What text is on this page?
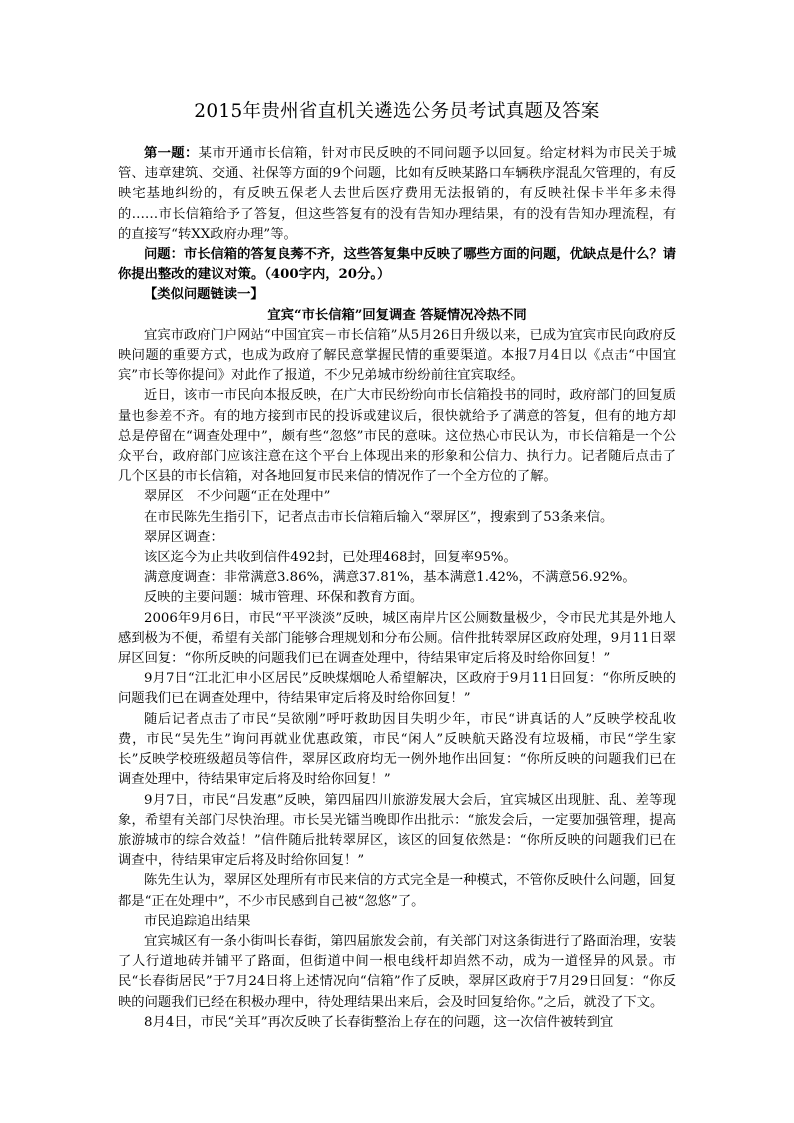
2015年贵州省直机关遴选公务员考试真题及答案

第一题：某市开通市长信箱，针对市民反映的不同问题予以回复。给定材料为市民关于城管、违章建筑、交通、社保等方面的9个问题，比如有反映某路口车辆秩序混乱欠管理的，有反映宅基地纠纷的，有反映五保老人去世后医疗费用无法报销的，有反映社保卡半年多未得的……市长信箱给予了答复，但这些答复有的没有告知办理结果，有的没有告知办理流程，有的直接写“转XX政府办理”等。

问题：市长信箱的答复良莠不齐，这些答复集中反映了哪些方面的问题，优缺点是什么？请你提出整改的建议对策。（400字内，20分。）

【类似问题链读一】

宜宾“市长信箱”回复调查 答疑情况冷热不同

宜宾市政府门户网站“中国宜宾－市长信箱”从5月26日升级以来，已成为宜宾市民向政府反映问题的重要方式，也成为政府了解民意掌握民情的重要渠道。本报7月4日以《点击“中国宜宾”市长等你提问》对此作了报道，不少兄弟城市纷纷前往宜宾取经。

近日，该市一市民向本报反映，在广大市民纷纷向市长信箱投书的同时，政府部门的回复质量也参差不齐。有的地方接到市民的投诉或建议后，很快就给予了满意的答复，但有的地方却总是停留在“调查处理中”，颇有些“忽悠”市民的意味。这位热心市民认为，市长信箱是一个公众平台，政府部门应该注意在这个平台上体现出来的形象和公信力、执行力。记者随后点击了几个区县的市长信箱，对各地回复市民来信的情况作了一个全方位的了解。

翠屏区　不少问题“正在处理中”

在市民陈先生指引下，记者点击市长信箱后输入“翠屏区”，搜索到了53条来信。

翠屏区调查：

该区迄今为止共收到信件492封，已处理468封，回复率95%。

满意度调查：非常满意3.86%，满意37.81%，基本满意1.42%，不满意56.92%。

反映的主要问题：城市管理、环保和教育方面。

2006年9月6日，市民“平平淡淡”反映，城区南岸片区公厕数量极少，令市民尤其是外地人感到极为不便，希望有关部门能够合理规划和分布公厕。信件批转翠屏区政府处理，9月11日翠屏区回复：“你所反映的问题我们已在调查处理中，待结果审定后将及时给你回复！”

9月7日“江北汇申小区居民”反映煤烟呛人希望解决，区政府于9月11日回复：“你所反映的问题我们已在调查处理中，待结果审定后将及时给你回复！”

随后记者点击了市民“吴欲刚”呼吁救助因目失明少年，市民“讲真话的人”反映学校乱收费，市民“吴先生”询问再就业优惠政策，市民“闲人”反映航天路没有垃圾桶，市民“学生家长”反映学校班级超员等信件，翠屏区政府均无一例外地作出回复：“你所反映的问题我们已在调查处理中，待结果审定后将及时给你回复！”

9月7日，市民“吕发惠”反映，第四届四川旅游发展大会后，宜宾城区出现脏、乱、差等现象，希望有关部门尽快治理。市长吴光镭当晚即作出批示：“旅发会后，一定要加强管理，提高旅游城市的综合效益！”信件随后批转翠屏区，该区的回复依然是：“你所反映的问题我们已在调查中，待结果审定后将及时给你回复！”

陈先生认为，翠屏区处理所有市民来信的方式完全是一种模式，不管你反映什么问题，回复都是“正在处理中”，不少市民感到自己被“忽悠”了。

市民追踪追出结果

宜宾城区有一条小街叫长春街，第四届旅发会前，有关部门对这条街进行了路面治理，安装了人行道地砖并铺平了路面，但街道中间一根电线杆却岿然不动，成为一道怪异的风景。市民“长春街居民”于7月24日将上述情况向“信箱”作了反映，翠屏区政府于7月29日回复：“你反映的问题我们已经在积极办理中，待处理结果出来后，会及时回复给你。”之后，就没了下文。

8月4日，市民“关耳”再次反映了长春街整治上存在的问题，这一次信件被转到宜
